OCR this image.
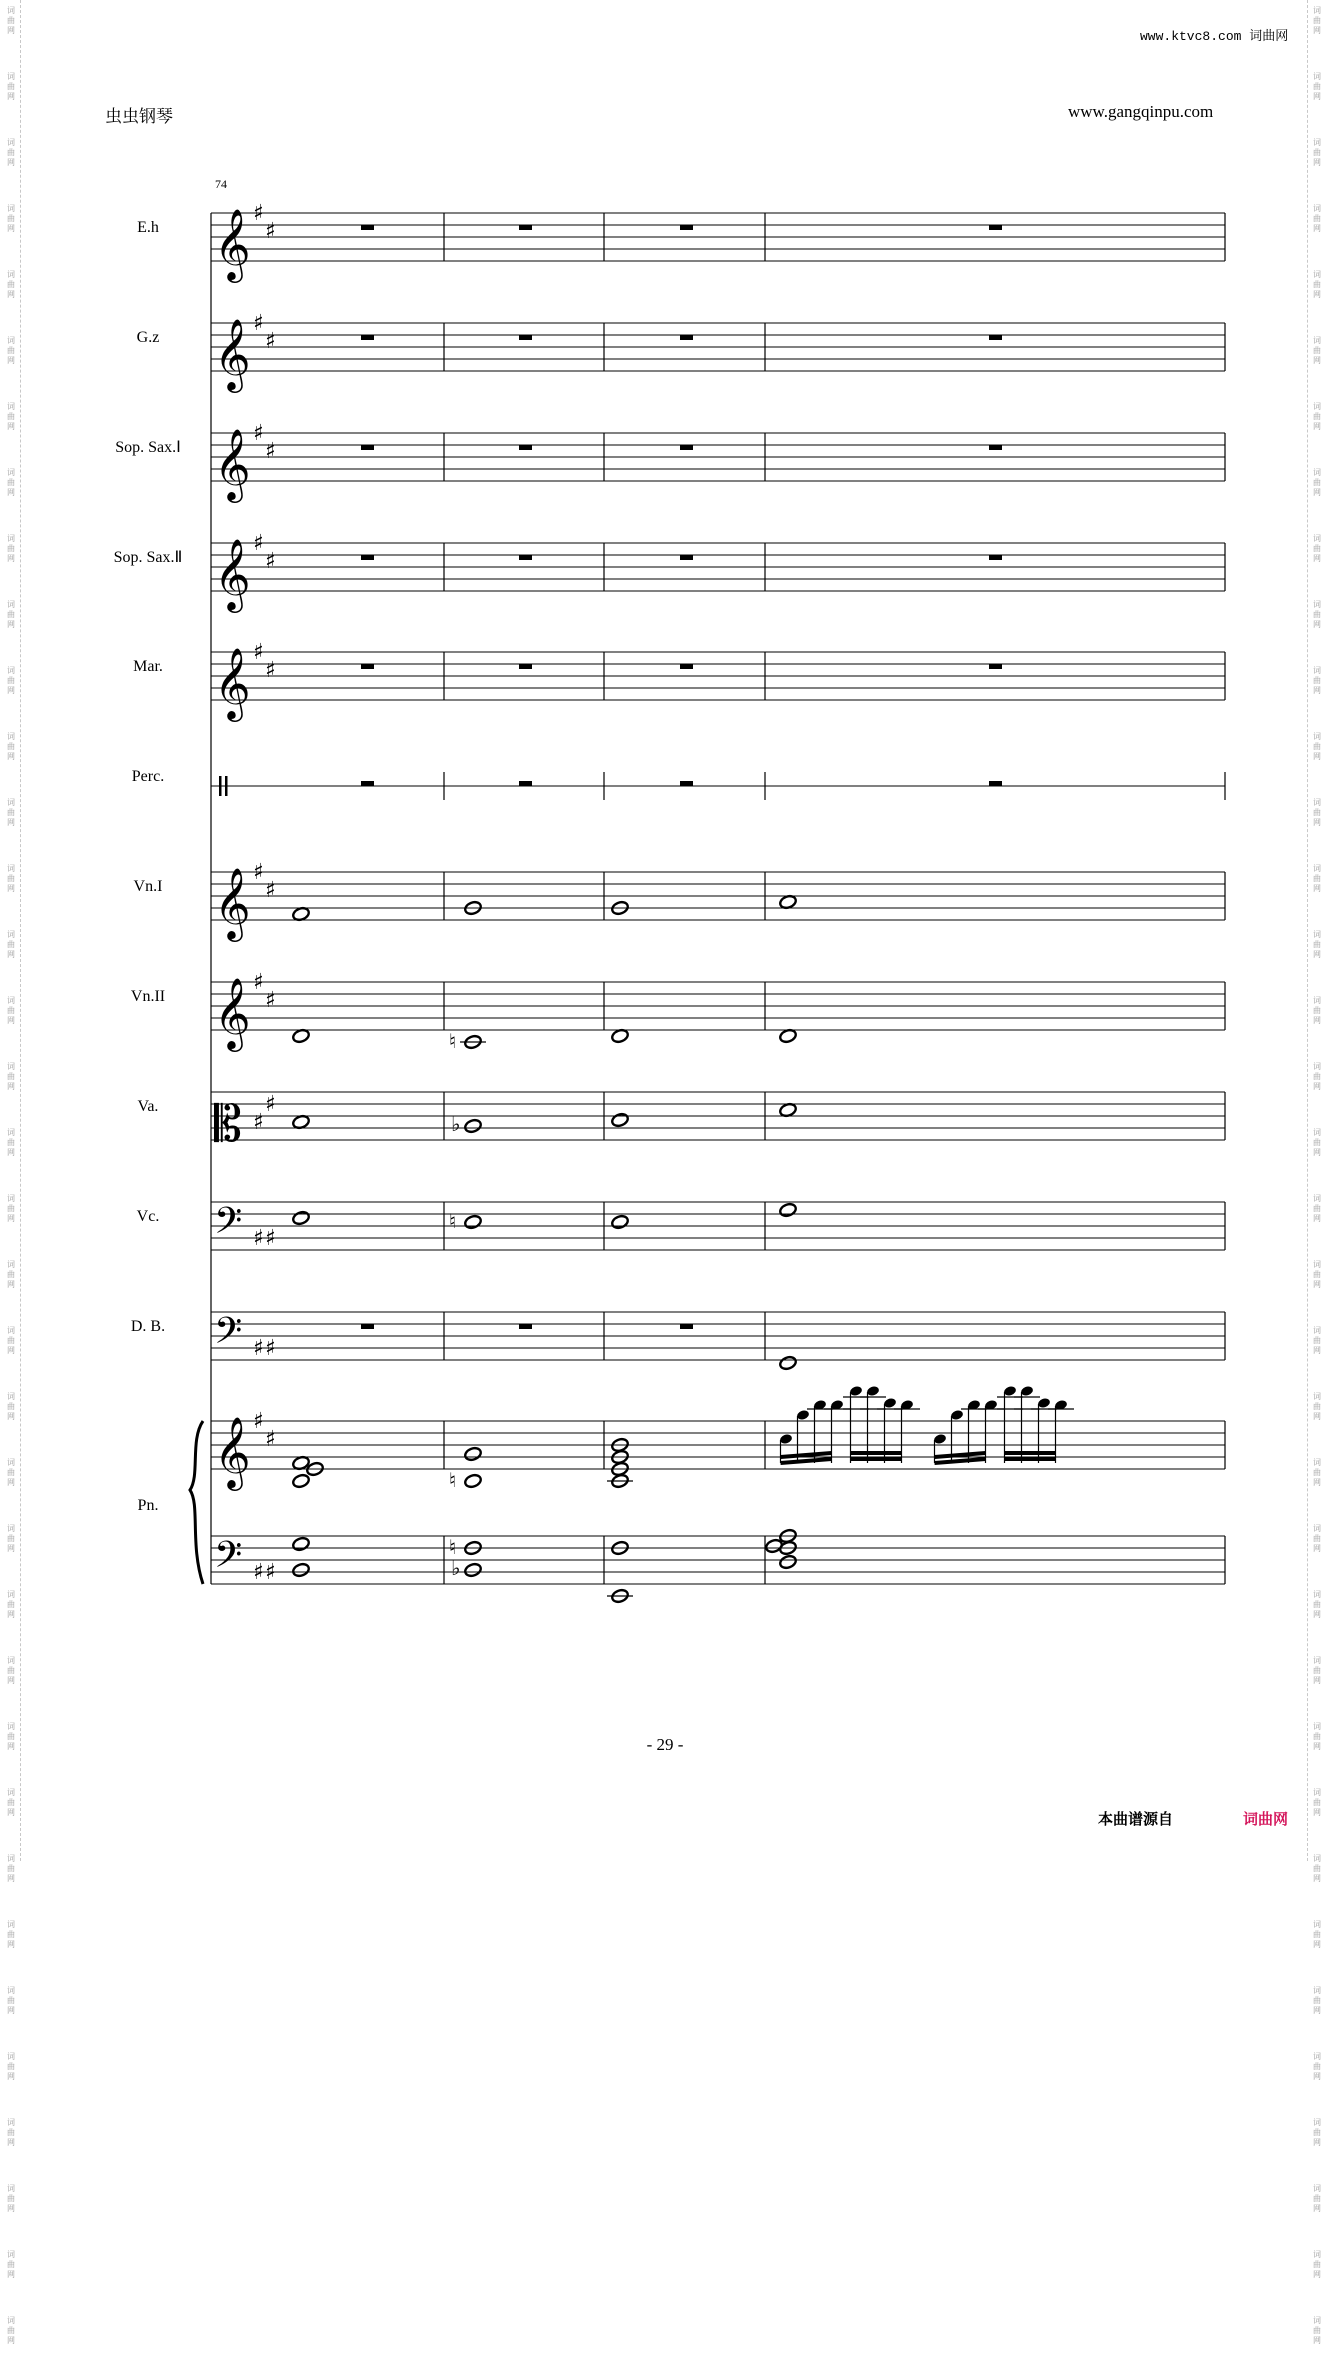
词
曲
网
词
曲
网
词
曲
网
词
曲
网
词
曲
网
词
曲
网
词
曲
网
词
曲
网
词
曲
网
词
曲
网
词
曲
网
词
曲
网
词
曲
网
词
曲
网
词
曲
网
词
曲
网
词
曲
网
词
曲
网
词
曲
网
词
曲
网
词
曲
网
词
曲
网
词
曲
网
词
曲
网
词
曲
网
词
曲
网
词
曲
网
词
曲
网
词
曲
网
词
曲
网
词
曲
网
词
曲
网
词
曲
网
词
曲
网
词
曲
网
词
曲
网
词
曲
网
词
曲
网
词
曲
网
词
曲
网
词
曲
网
词
曲
网
词
曲
网
词
曲
网
词
曲
网
词
曲
网
词
曲
网
词
曲
网
词
曲
网
词
曲
网
词
曲
网
词
曲
网
词
曲
网
词
曲
网
词
曲
网
词
曲
网
词
曲
网
词
曲
网
词
曲
网
词
曲
网
词
曲
网
词
曲
网
词
曲
网
词
曲
网
词
曲
网
词
曲
网
词
曲
网
词
曲
网
词
曲
网
词
曲
网
词
曲
网
词
曲
网
www.ktvc8.com 词曲网
虫虫钢琴	www.gangqinpu.com
74
E.h
G.z
Sop. Sax.Ⅰ
Sop. Sax.Ⅱ
Mar.
Perc.
Vn.I
Vn.II
Va.
Vc.
D. B.
Pn.
𝄞 ♯
♯
𝄞 ♯
♯
𝄞 ♯
♯
𝄞 ♯
♯
𝄞 ♯
♯
𝄞 ♯
♯
𝄞 ♯
♯
𝄡 ♯
♯
𝄢 ♯ ♯
𝄢 ♯ ♯
𝄞 ♯
♯
𝄢 ♯ ♯
♮
♭
♮
♮
♮
♭
- 29 -
本曲谱源自	词曲网
